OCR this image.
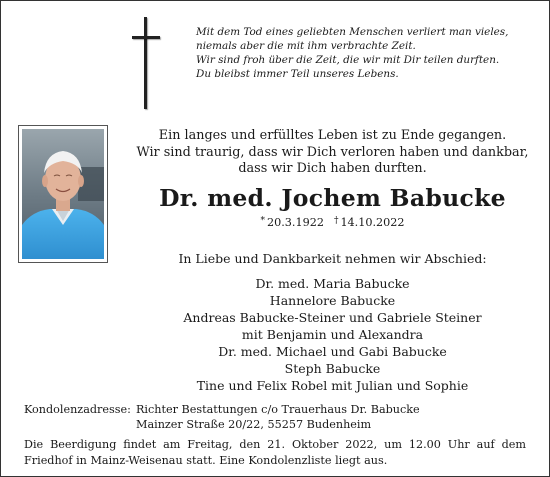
Mit dem Tod eines geliebten Menschen verliert man vieles,
niemals aber die mit ihm verbrachte Zeit.
Wir sind froh über die Zeit, die wir mit Dir teilen durften.
Du bleibst immer Teil unseres Lebens.
Ein langes und erfülltes Leben ist zu Ende gegangen.
Wir sind traurig, dass wir Dich verloren haben und dankbar,
dass wir Dich haben durften.
Dr. med. Jochem Babucke
* 20.3.1922 † 14.10.2022
In Liebe und Dankbarkeit nehmen wir Abschied:
Dr. med. Maria Babucke
Hannelore Babucke
Andreas Babucke-Steiner und Gabriele Steiner
mit Benjamin und Alexandra
Dr. med. Michael und Gabi Babucke
Steph Babucke
Tine und Felix Robel mit Julian und Sophie
Kondolenzadresse: Richter Bestattungen c/o Trauerhaus Dr. Babucke
Mainzer Straße 20/22, 55257 Budenheim
Die Beerdigung findet am Freitag, den 21. Oktober 2022, um 12.00 Uhr auf dem
Friedhof in Mainz-Weisenau statt. Eine Kondolenzliste liegt aus.
